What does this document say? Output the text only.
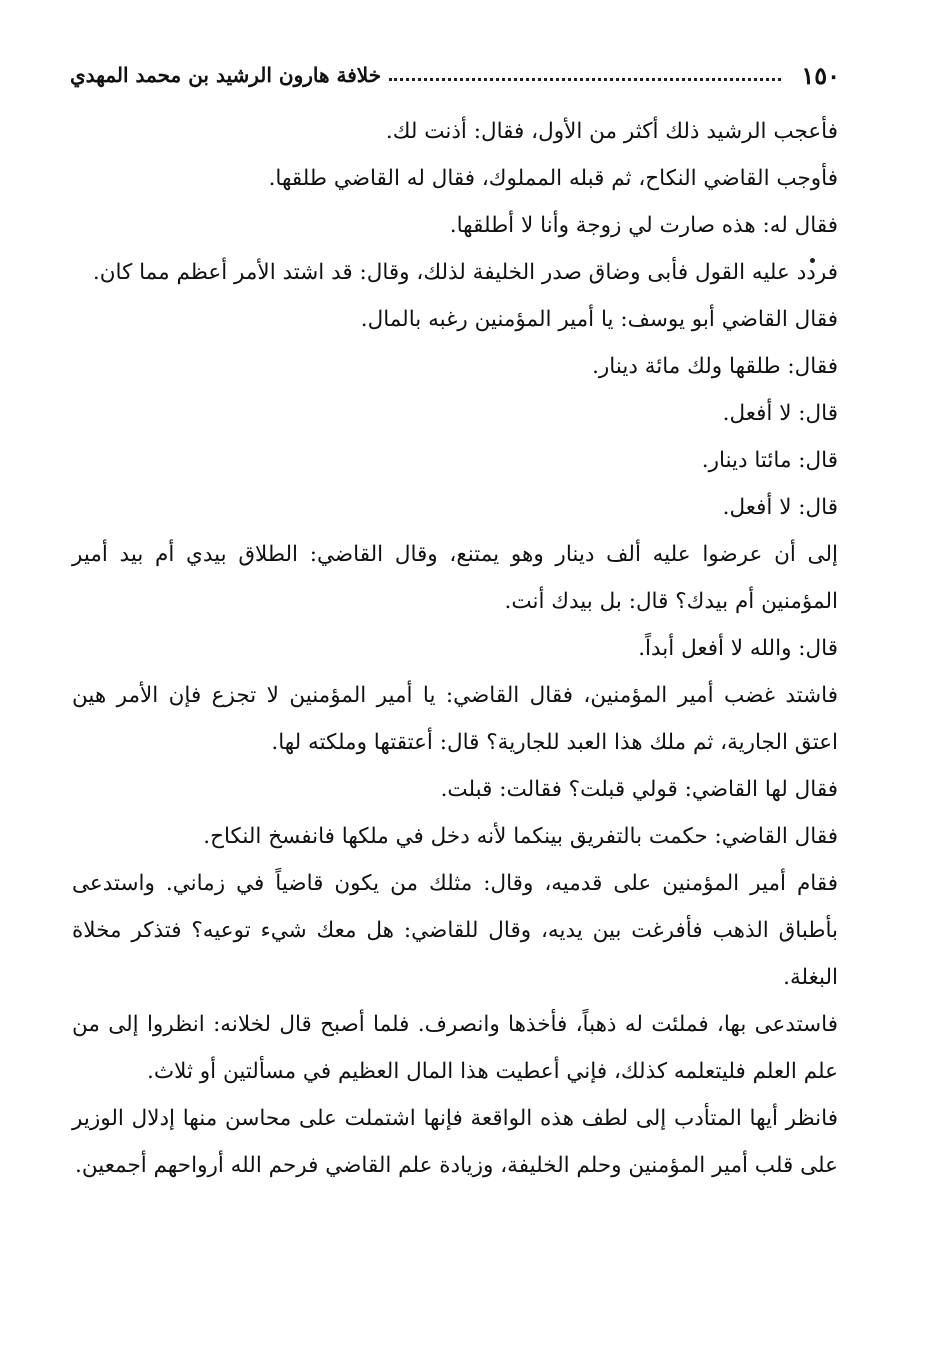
١٥٠
خلافة هارون الرشيد بن محمد المهدي

فأعجب الرشيد ذلك أكثر من الأول، فقال: أذنت لك.

فأوجب القاضي النكاح، ثم قبله المملوك، فقال له القاضي طلقها.

فقال له: هذه صارت لي زوجة وأنا لا أطلقها.

فردد عليه القول فأبى وضاق صدر الخليفة لذلك، وقال: قد اشتد الأمر أعظم مما كان.

فقال القاضي أبو يوسف: يا أمير المؤمنين رغبه بالمال.

فقال: طلقها ولك مائة دينار.

قال: لا أفعل.

قال: مائتا دينار.

قال: لا أفعل.

إلى أن عرضوا عليه ألف دينار وهو يمتنع، وقال القاضي: الطلاق بيدي أم بيد أمير المؤمنين أم بيدك؟ قال: بل بيدك أنت.

قال: والله لا أفعل أبداً.

فاشتد غضب أمير المؤمنين، فقال القاضي: يا أمير المؤمنين لا تجزع فإن الأمر هين اعتق الجارية، ثم ملك هذا العبد للجارية؟ قال: أعتقتها وملكته لها.

فقال لها القاضي: قولي قبلت؟ فقالت: قبلت.

فقال القاضي: حكمت بالتفريق بينكما لأنه دخل في ملكها فانفسخ النكاح.

فقام أمير المؤمنين على قدميه، وقال: مثلك من يكون قاضياً في زماني. واستدعى بأطباق الذهب فأفرغت بين يديه، وقال للقاضي: هل معك شيء توعيه؟ فتذكر مخلاة البغلة.

فاستدعى بها، فملئت له ذهباً، فأخذها وانصرف. فلما أصبح قال لخلانه: انظروا إلى من علم العلم فليتعلمه كذلك، فإني أعطيت هذا المال العظيم في مسألتين أو ثلاث.

فانظر أيها المتأدب إلى لطف هذه الواقعة فإنها اشتملت على محاسن منها إدلال الوزير على قلب أمير المؤمنين وحلم الخليفة، وزيادة علم القاضي فرحم الله أرواحهم أجمعين.
